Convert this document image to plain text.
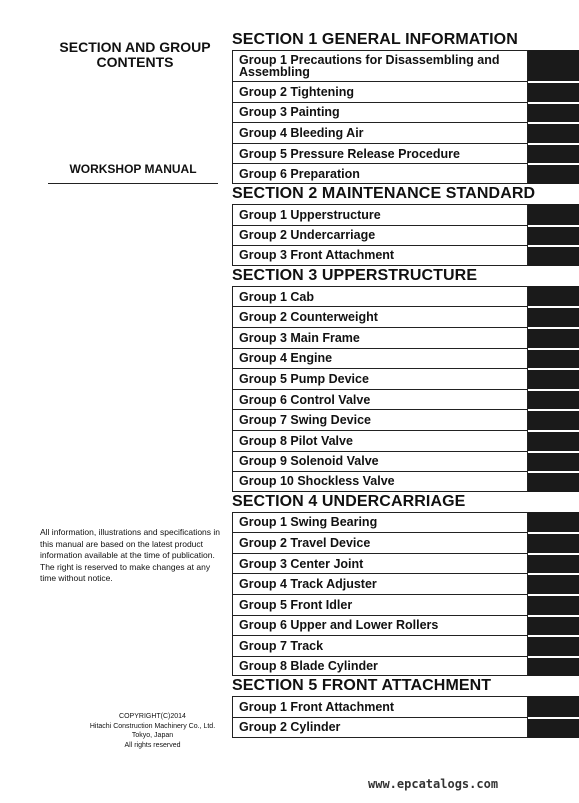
SECTION AND GROUP CONTENTS
WORKSHOP MANUAL
All information, illustrations and specifications in this manual are based on the latest product information available at the time of publication. The right is reserved to make changes at any time without notice.
COPYRIGHT(C)2014
Hitachi Construction Machinery Co., Ltd.
Tokyo, Japan
All rights reserved
SECTION 1 GENERAL INFORMATION
Group 1 Precautions for Disassembling and Assembling
Group 2 Tightening
Group 3 Painting
Group 4 Bleeding Air
Group 5 Pressure Release Procedure
Group 6 Preparation
SECTION 2 MAINTENANCE STANDARD
Group 1 Upperstructure
Group 2 Undercarriage
Group 3 Front Attachment
SECTION 3 UPPERSTRUCTURE
Group 1 Cab
Group 2 Counterweight
Group 3 Main Frame
Group 4 Engine
Group 5 Pump Device
Group 6 Control Valve
Group 7 Swing Device
Group 8 Pilot Valve
Group 9 Solenoid Valve
Group 10 Shockless Valve
SECTION 4 UNDERCARRIAGE
Group 1 Swing Bearing
Group 2 Travel Device
Group 3 Center Joint
Group 4 Track Adjuster
Group 5 Front Idler
Group 6 Upper and Lower Rollers
Group 7 Track
Group 8 Blade Cylinder
SECTION 5 FRONT ATTACHMENT
Group 1 Front Attachment
Group 2 Cylinder
www.epcatalogs.com
